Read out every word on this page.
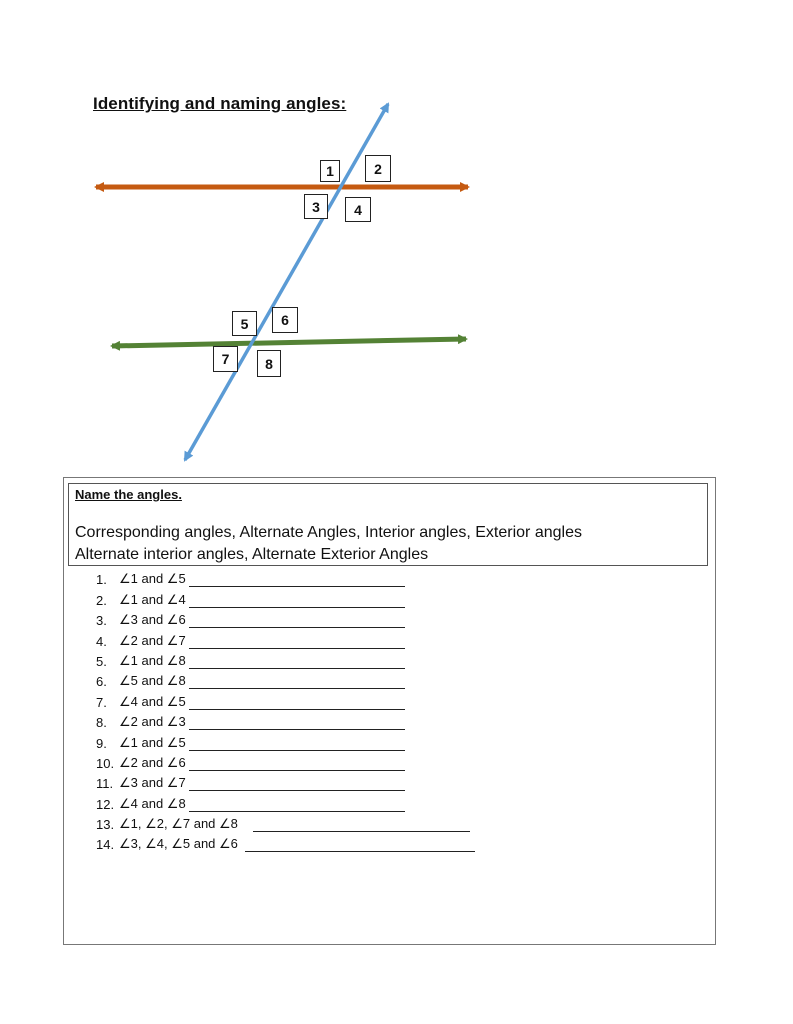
Identifying and naming angles:
1	2
3	4
5	6
7	8
Name the angles.
Corresponding angles, Alternate Angles, Interior angles, Exterior angles
Alternate interior angles, Alternate Exterior Angles
1. ∠1 and ∠5
2. ∠1 and ∠4
3. ∠3 and ∠6
4. ∠2 and ∠7
5. ∠1 and ∠8
6. ∠5 and ∠8
7. ∠4 and ∠5
8. ∠2 and ∠3
9. ∠1 and ∠5
10. ∠2 and ∠6
11. ∠3 and ∠7
12. ∠4 and ∠8
13. ∠1, ∠2, ∠7 and ∠8
14. ∠3, ∠4, ∠5 and ∠6
